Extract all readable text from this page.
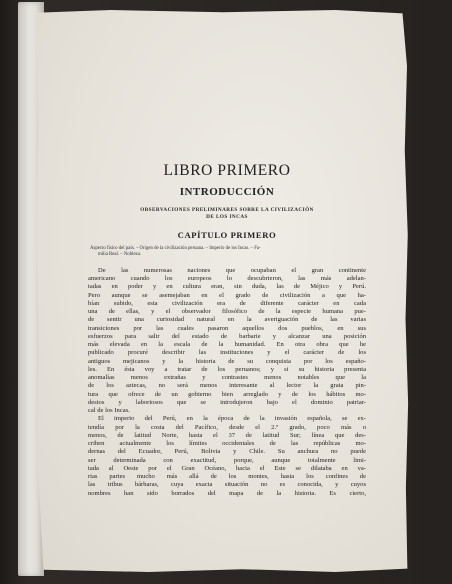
LIBRO PRIMERO
INTRODUCCIÓN
OBSERVACIONES PRELIMINARES SOBRE LA CIVILIZACIÓN
DE LOS INCAS
CAPÍTULO PRIMERO
Aspecto físico del país. – Origen de la civilización peruana. – Imperio de los Incas. – Fa-
milia Real. – Nobleza.
De las numerosas naciones que ocupaban el gran continente
americano cuando los europeos lo descubrieron, las más adelan-
tadas en poder y en cultura eran, sin duda, las de Méjico y Perú.
Pero aunque se asemejaban en el grado de civilización a que ha-
bían subido, esta civilización era de diferente carácter en cada
una de ellas, y el observador filosófico de la especie humana pue-
de sentir una curiosidad natural en la averiguación de las varias
transiciones por las cuales pasaron aquellos dos pueblos, en sus
esfuerzos para salir del estado de barbarie y alcanzar una posición
más elevada en la escala de la humanidad. En otra obra que he
publicado procuré describir las instituciones y el carácter de los
antiguos mejicanos y la historia de su conquista por los españo-
les. En ésta voy a tratar de los peruanos; y si su historia presenta
anomalías menos extrañas y contrastes menos notables que la
de los aztecas, no será menos interesante al lector la grata pin-
tura que ofrece de un gobierno bien arreglado y de los hábitos mo-
destos y laboriosos que se introdujeron bajo el dominio patriar-
cal de los Incas.
El imperio del Perú, en la época de la invasión española, se ex-
tendía por la costa del Pacífico, desde el 2.º grado, poco más o
menos, de latitud Norte, hasta el 37 de latitud Sur; línea que des-
criben actualmente los límites occidentales de las repúblicas mo-
dernas del Ecuador, Perú, Bolivia y Chile. Su anchura no puede
ser determinada con exactitud, porque, aunque totalmente limi-
tada al Oeste por el Gran Océano, hacia el Este se dilataba en va-
rias partes mucho más allá de los montes, hasta los confines de
las tribus bárbaras, cuya exacta situación no es conocida, y cuyos
nombres han sido borrados del mapa de la historia. Es cierto,
